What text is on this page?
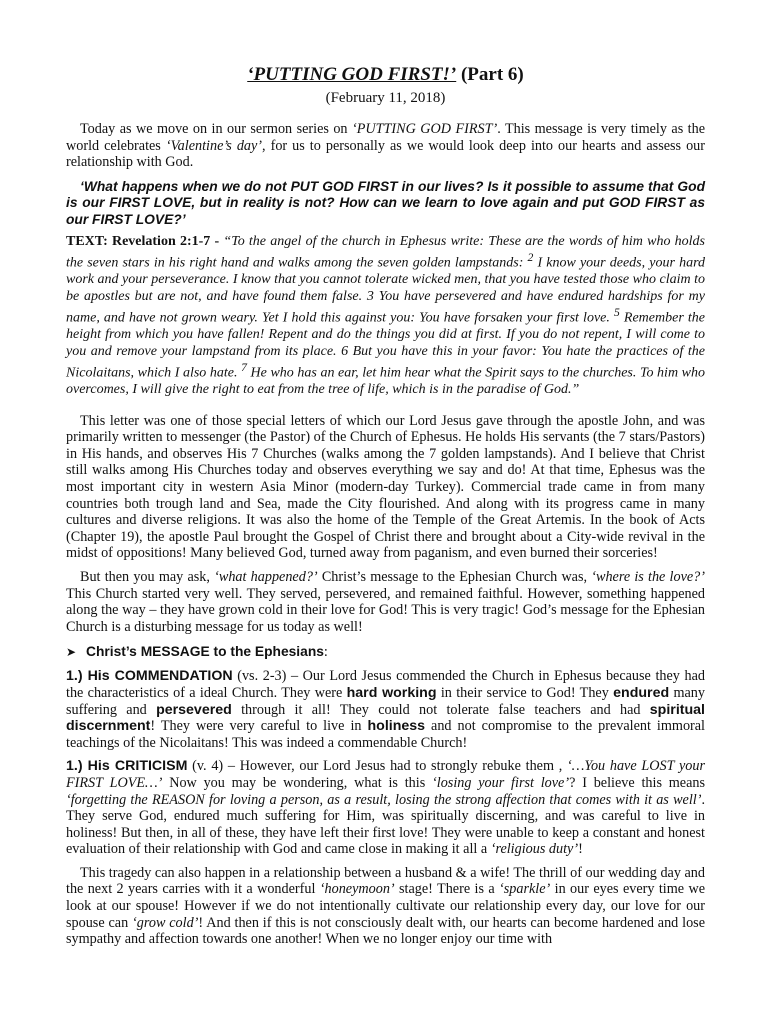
‘PUTTING GOD FIRST!’ (Part 6)

(February 11, 2018)

Today as we move on in our sermon series on ‘PUTTING GOD FIRST’. This message is very timely as the world celebrates ‘Valentine’s day’, for us to personally as we would look deep into our hearts and assess our relationship with God.

‘What happens when we do not PUT GOD FIRST in our lives? Is it possible to assume that God is our FIRST LOVE, but in reality is not? How can we learn to love again and put GOD FIRST as our FIRST LOVE?’

TEXT: Revelation 2:1-7 - “To the angel of the church in Ephesus write: These are the words of him who holds the seven stars in his right hand and walks among the seven golden lampstands: $^2$ I know your deeds, your hard work and your perseverance. I know that you cannot tolerate wicked men, that you have tested those who claim to be apostles but are not, and have found them false. 3 You have persevered and have endured hardships for my name, and have not grown weary. Yet I hold this against you: You have forsaken your first love. $^5$ Remember the height from which you have fallen! Repent and do the things you did at first. If you do not repent, I will come to you and remove your lampstand from its place. 6 But you have this in your favor: You hate the practices of the Nicolaitans, which I also hate. $^7$ He who has an ear, let him hear what the Spirit says to the churches. To him who overcomes, I will give the right to eat from the tree of life, which is in the paradise of God.”

This letter was one of those special letters of which our Lord Jesus gave through the apostle John, and was primarily written to messenger (the Pastor) of the Church of Ephesus. He holds His servants (the 7 stars/Pastors) in His hands, and observes His 7 Churches (walks among the 7 golden lampstands). And I believe that Christ still walks among His Churches today and observes everything we say and do! At that time, Ephesus was the most important city in western Asia Minor (modern-day Turkey). Commercial trade came in from many countries both trough land and Sea, made the City flourished. And along with its progress came in many cultures and diverse religions. It was also the home of the Temple of the Great Artemis. In the book of Acts (Chapter 19), the apostle Paul brought the Gospel of Christ there and brought about a City-wide revival in the midst of oppositions! Many believed God, turned away from paganism, and even burned their sorceries!

But then you may ask, ‘what happened?’ Christ’s message to the Ephesian Church was, ‘where is the love?’ This Church started very well. They served, persevered, and remained faithful. However, something happened along the way – they have grown cold in their love for God! This is very tragic! God’s message for the Ephesian Church is a disturbing message for us today as well!

➤ Christ’s MESSAGE to the Ephesians:

1.) His COMMENDATION (vs. 2-3) – Our Lord Jesus commended the Church in Ephesus because they had the characteristics of a ideal Church. They were hard working in their service to God! They endured many suffering and persevered through it all! They could not tolerate false teachers and had spiritual discernment! They were very careful to live in holiness and not compromise to the prevalent immoral teachings of the Nicolaitans! This was indeed a commendable Church!

1.) His CRITICISM (v. 4) – However, our Lord Jesus had to strongly rebuke them , ‘…You have LOST your FIRST LOVE…’ Now you may be wondering, what is this ‘losing your first love’? I believe this means ‘forgetting the REASON for loving a person, as a result, losing the strong affection that comes with it as well’. They serve God, endured much suffering for Him, was spiritually discerning, and was careful to live in holiness! But then, in all of these, they have left their first love! They were unable to keep a constant and honest evaluation of their relationship with God and came close in making it all a ‘religious duty’!

This tragedy can also happen in a relationship between a husband & a wife! The thrill of our wedding day and the next 2 years carries with it a wonderful ‘honeymoon’ stage! There is a ‘sparkle’ in our eyes every time we look at our spouse! However if we do not intentionally cultivate our relationship every day, our love for our spouse can ‘grow cold’! And then if this is not consciously dealt with, our hearts can become hardened and lose sympathy and affection towards one another! When we no longer enjoy our time with
